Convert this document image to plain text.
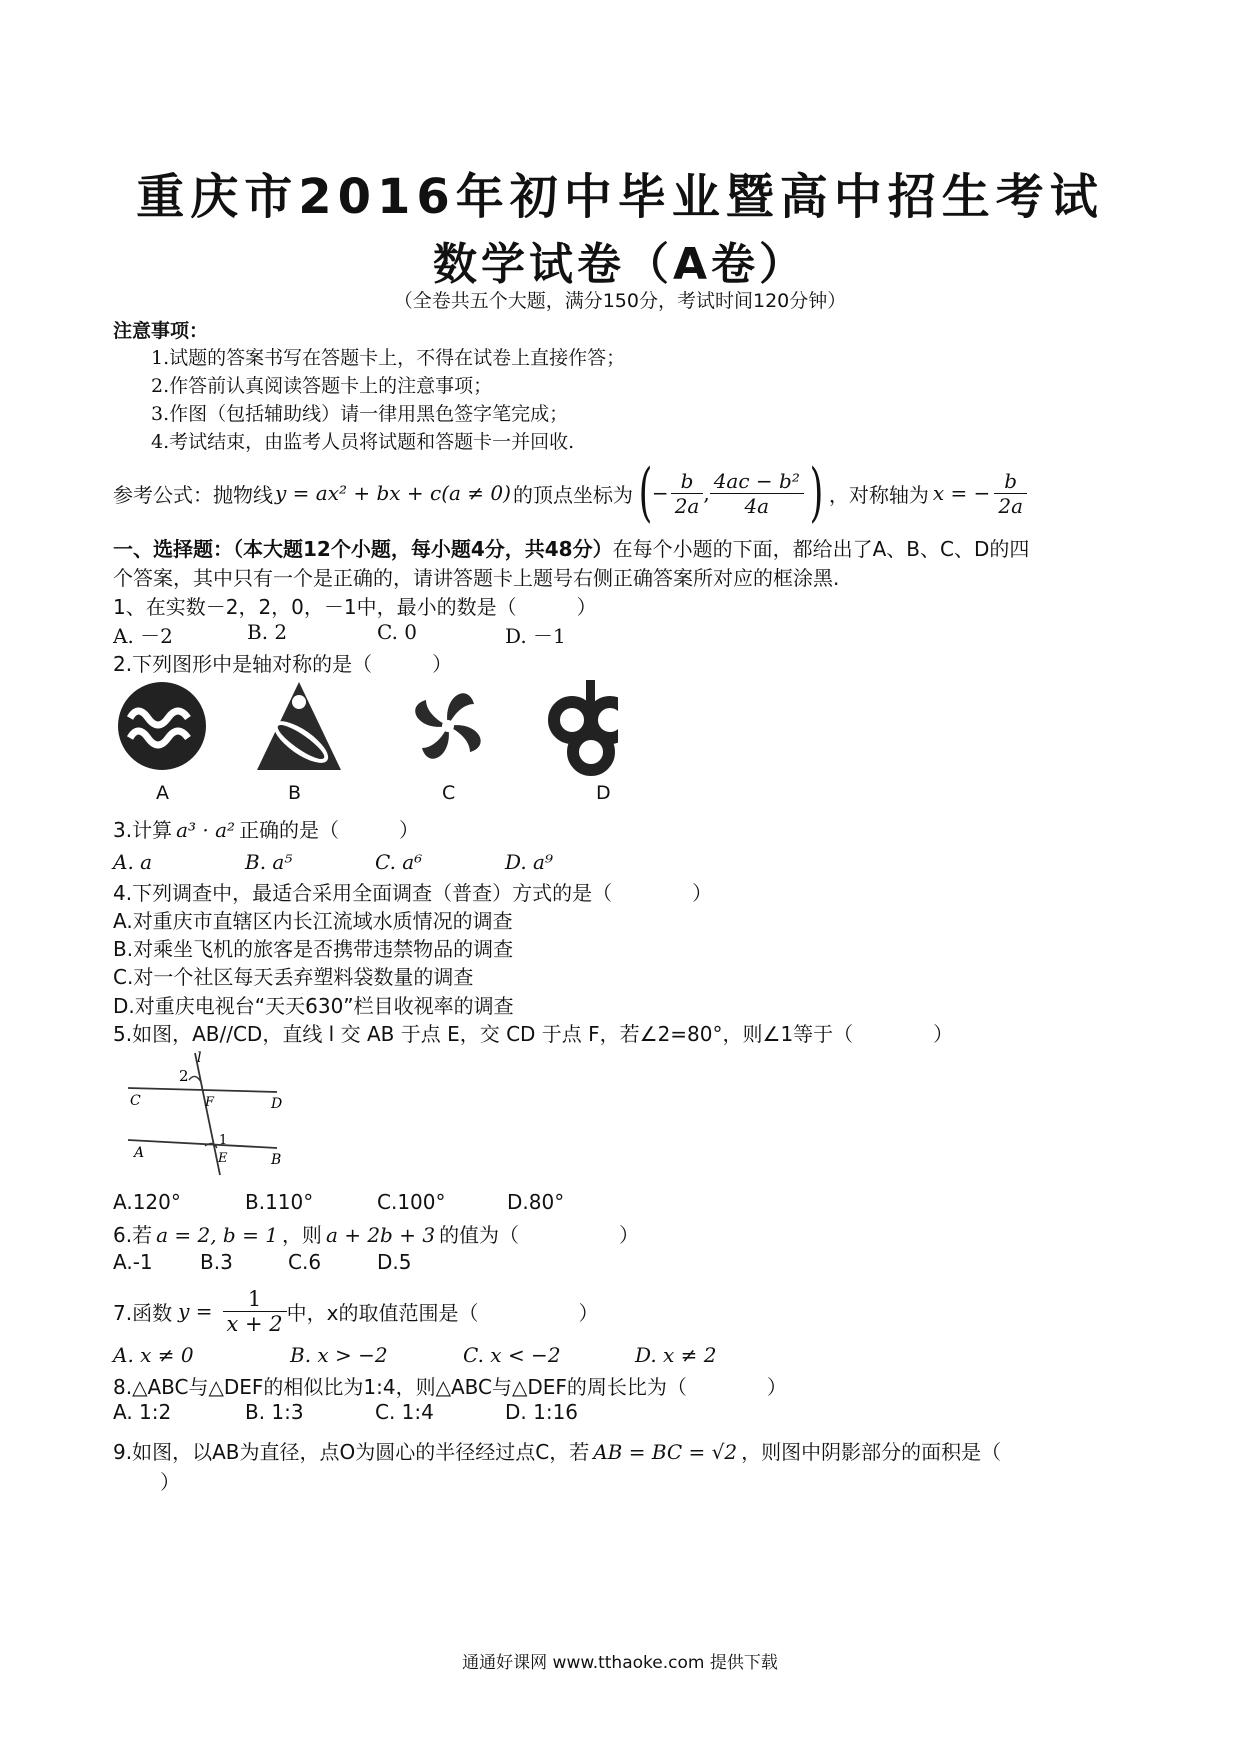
重庆市2016年初中毕业暨高中招生考试
数学试卷（A卷）
（全卷共五个大题，满分150分，考试时间120分钟）
注意事项：
1.试题的答案书写在答题卡上，不得在试卷上直接作答；
2.作答前认真阅读答题卡上的注意事项；
3.作图（包括辅助线）请一律用黑色签字笔完成；
4.考试结束，由监考人员将试题和答题卡一并回收.
参考公式：抛物线 y = ax² + bx + c(a ≠ 0) 的顶点坐标为 ( − $\frac{b}{2a}$ , $\frac{\text{4ac − b²}}{4a}$ ) ，对称轴为 x = − $\frac{b}{2a}$
一、选择题：（本大题12个小题，每小题4分，共48分）在每个小题的下面，都给出了A、B、C、D的四
个答案，其中只有一个是正确的，请讲答题卡上题号右侧正确答案所对应的框涂黑.
1、在实数－2，2，0，－1中，最小的数是（　　　）
A. －2	B. 2	C. 0	D. －1
2.下列图形中是轴对称的是（　　　）
A	B	C	D
3.计算 a³ · a² 正确的是（　　　）
A. a	B. a⁵	C. a⁶	D. a⁹
4.下列调查中，最适合采用全面调查（普查）方式的是（　　　　）
A.对重庆市直辖区内长江流域水质情况的调查
B.对乘坐飞机的旅客是否携带违禁物品的调查
C.对一个社区每天丢弃塑料袋数量的调查
D.对重庆电视台“天天630”栏目收视率的调查
5.如图，AB//CD，直线 l 交 AB 于点 E，交 CD 于点 F，若∠2=80°，则∠1等于（　　　　）
l
2
C	F	D
1
A	E	B
A.120°	B.110°	C.100°	D.80°
6.若 a = 2, b = 1 ，则 a + 2b + 3 的值为（　　　　　）
A.-1 B.3	C.6	D.5
7.函数 $y = \frac{1}{x + 2}$ 中，x的取值范围是（　　　　　）
A. x ≠ 0	B. x > −2	C. x < −2	D. x ≠ 2
8.△ABC与△DEF的相似比为1:4，则△ABC与△DEF的周长比为（　　　　）
A. 1:2	B. 1:3	C. 1:4	D. 1:16
9.如图，以AB为直径，点O为圆心的半径经过点C，若 AB = BC = √2 ，则图中阴影部分的面积是（
）
通通好课网 www.tthaoke.com 提供下载
